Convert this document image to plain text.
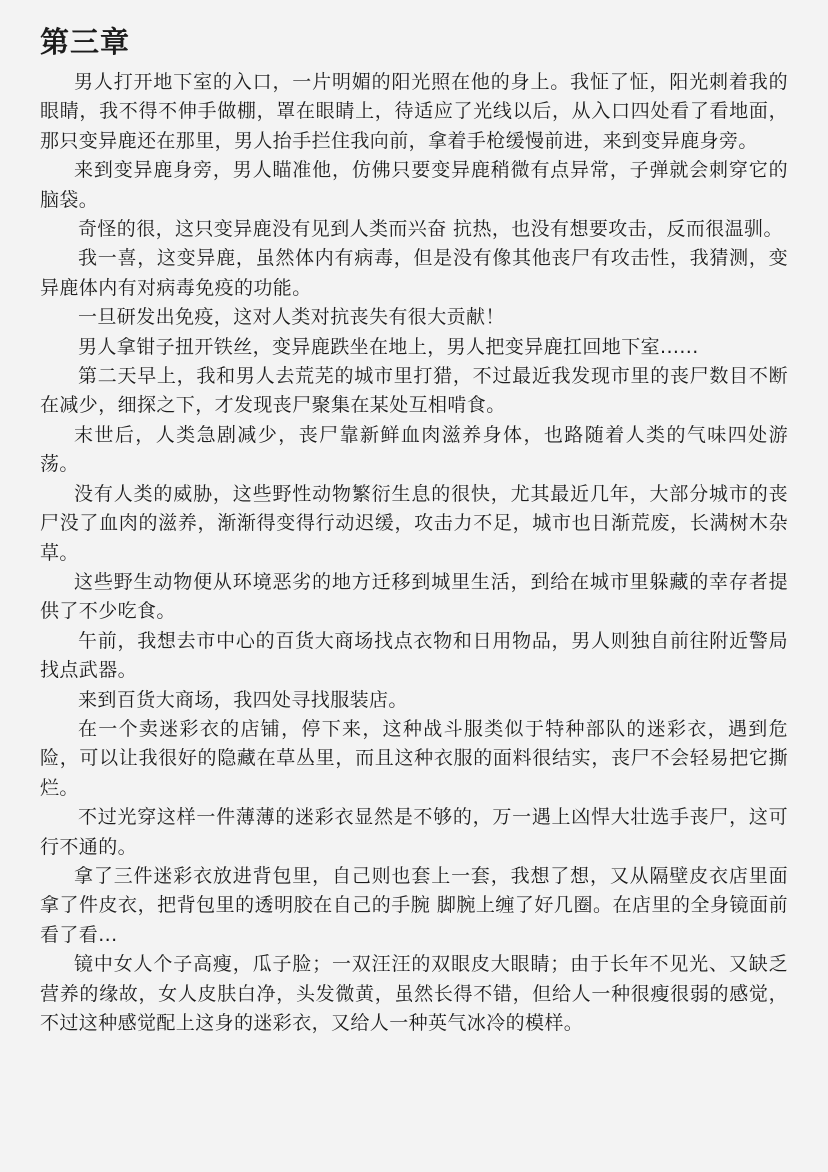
第三章

男人打开地下室的入口，一片明媚的阳光照在他的身上。我怔了怔，阳光刺着我的眼睛，我不得不伸手做棚，罩在眼睛上，待适应了光线以后，从入口四处看了看地面，那只变异鹿还在那里，男人抬手拦住我向前，拿着手枪缓慢前进，来到变异鹿身旁。

来到变异鹿身旁，男人瞄准他，仿佛只要变异鹿稍微有点异常，子弹就会刺穿它的脑袋。

奇怪的很，这只变异鹿没有见到人类而兴奋 抗热，也没有想要攻击，反而很温驯。

我一喜，这变异鹿，虽然体内有病毒，但是没有像其他丧尸有攻击性，我猜测，变异鹿体内有对病毒免疫的功能。

一旦研发出免疫，这对人类对抗丧失有很大贡献！

男人拿钳子扭开铁丝，变异鹿跌坐在地上，男人把变异鹿扛回地下室......

第二天早上，我和男人去荒芜的城市里打猎，不过最近我发现市里的丧尸数目不断在减少，细探之下，才发现丧尸聚集在某处互相啃食。

末世后，人类急剧减少，丧尸靠新鲜血肉滋养身体，也路随着人类的气味四处游荡。

没有人类的威胁，这些野性动物繁衍生息的很快，尤其最近几年，大部分城市的丧尸没了血肉的滋养，渐渐得变得行动迟缓，攻击力不足，城市也日渐荒废，长满树木杂草。

这些野生动物便从环境恶劣的地方迁移到城里生活，到给在城市里躲藏的幸存者提供了不少吃食。

午前，我想去市中心的百货大商场找点衣物和日用物品，男人则独自前往附近警局找点武器。

来到百货大商场，我四处寻找服装店。

在一个卖迷彩衣的店铺，停下来，这种战斗服类似于特种部队的迷彩衣，遇到危险，可以让我很好的隐藏在草丛里，而且这种衣服的面料很结实，丧尸不会轻易把它撕烂。

不过光穿这样一件薄薄的迷彩衣显然是不够的，万一遇上凶悍大壮选手丧尸，这可行不通的。

拿了三件迷彩衣放进背包里，自己则也套上一套，我想了想，又从隔壁皮衣店里面拿了件皮衣，把背包里的透明胶在自己的手腕 脚腕上缠了好几圈。在店里的全身镜面前看了看...

镜中女人个子高瘦，瓜子脸；一双汪汪的双眼皮大眼睛；由于长年不见光、又缺乏营养的缘故，女人皮肤白净，头发微黄，虽然长得不错，但给人一种很瘦很弱的感觉，不过这种感觉配上这身的迷彩衣，又给人一种英气冰冷的模样。
